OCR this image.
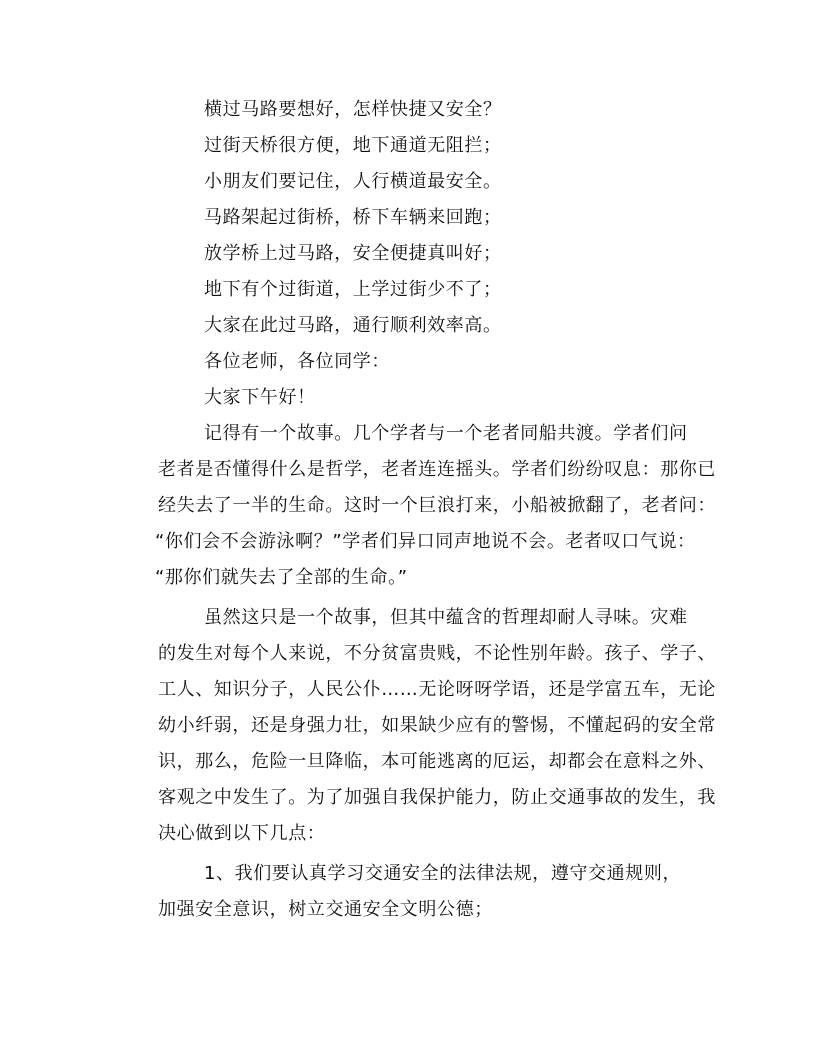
横过马路要想好，怎样快捷又安全？
过街天桥很方便，地下通道无阻拦；
小朋友们要记住，人行横道最安全。
马路架起过街桥，桥下车辆来回跑；
放学桥上过马路，安全便捷真叫好；
地下有个过街道，上学过街少不了；
大家在此过马路，通行顺利效率高。
各位老师，各位同学：
大家下午好！
记得有一个故事。几个学者与一个老者同船共渡。学者们问
老者是否懂得什么是哲学，老者连连摇头。学者们纷纷叹息：那你已
经失去了一半的生命。这时一个巨浪打来，小船被掀翻了，老者问：
“你们会不会游泳啊？”学者们异口同声地说不会。老者叹口气说：
“那你们就失去了全部的生命。”
虽然这只是一个故事，但其中蕴含的哲理却耐人寻味。灾难
的发生对每个人来说，不分贫富贵贱，不论性别年龄。孩子、学子、
工人、知识分子，人民公仆……无论呀呀学语，还是学富五车，无论
幼小纤弱，还是身强力壮，如果缺少应有的警惕，不懂起码的安全常
识，那么，危险一旦降临，本可能逃离的厄运，却都会在意料之外、
客观之中发生了。为了加强自我保护能力，防止交通事故的发生，我
决心做到以下几点：
1、我们要认真学习交通安全的法律法规，遵守交通规则，
加强安全意识，树立交通安全文明公德；
